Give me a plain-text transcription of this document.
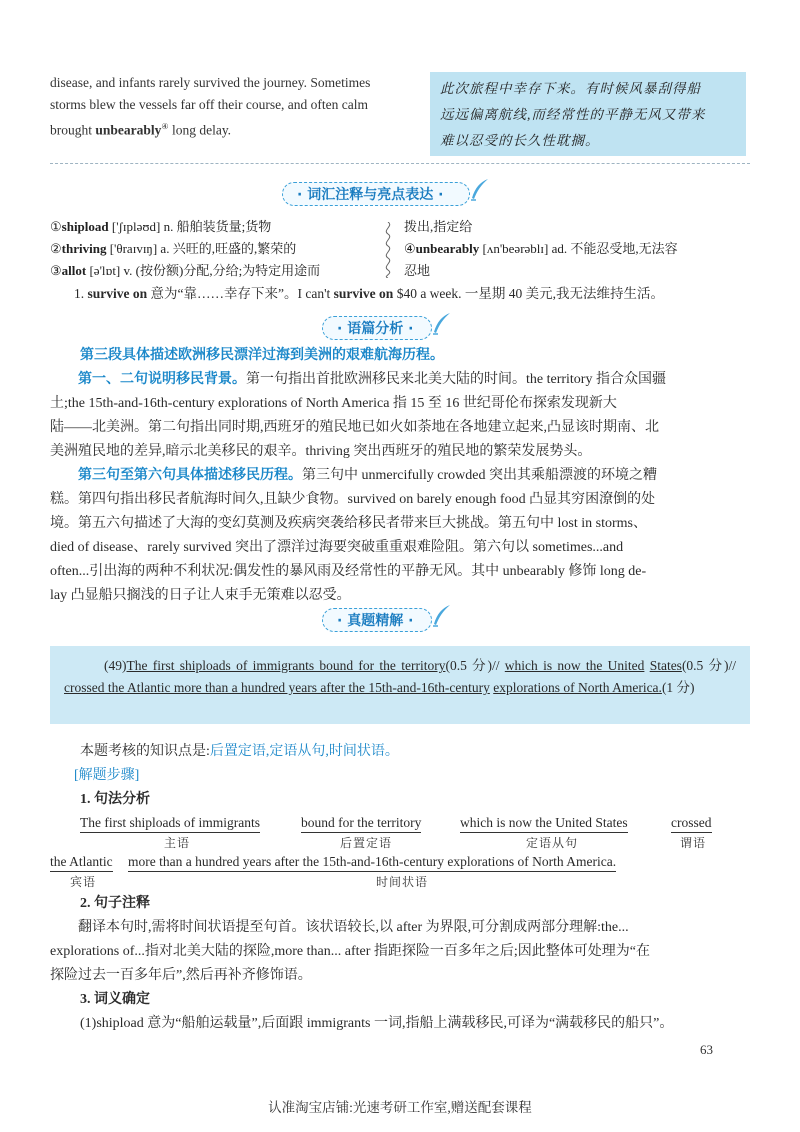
disease, and infants rarely survived the journey. Sometimes
storms blew the vessels far off their course, and often calm
brought unbearably④ long delay.
此次旅程中幸存下来。有时候风暴刮得船
远远偏离航线,而经常性的平静无风又带来
难以忍受的长久性耽搁。
· 词汇注释与亮点表达 ·
①shipload ['ʃɪpləʊd] n. 船舶装货量;货物
②thriving ['θraɪvɪŋ] a. 兴旺的,旺盛的,繁荣的
③allot [ə'lɒt] v. (按份额)分配,分给;为特定用途而
拨出,指定给
④unbearably [ʌn'beərəblɪ] ad. 不能忍受地,无法容
忍地
1. survive on 意为“靠……幸存下来”。I can't survive on $40 a week. 一星期 40 美元,我无法维持生活。
· 语篇分析 ·
第三段具体描述欧洲移民漂洋过海到美洲的艰难航海历程。
第一、二句说明移民背景。第一句指出首批欧洲移民来北美大陆的时间。the territory 指合众国疆
土;the 15th-and-16th-century explorations of North America 指 15 至 16 世纪哥伦布探索发现新大
陆——北美洲。第二句指出同时期,西班牙的殖民地已如火如荼地在各地建立起来,凸显该时期南、北
美洲殖民地的差异,暗示北美移民的艰辛。thriving 突出西班牙的殖民地的繁荣发展势头。
第三句至第六句具体描述移民历程。第三句中 unmercifully crowded 突出其乘船漂渡的环境之糟
糕。第四句指出移民者航海时间久,且缺少食物。survived on barely enough food 凸显其穷困潦倒的处
境。第五六句描述了大海的变幻莫测及疾病突袭给移民者带来巨大挑战。第五句中 lost in storms、
died of disease、rarely survived 突出了漂洋过海要突破重重艰难险阻。第六句以 sometimes...and
often...引出海的两种不利状况:偶发性的暴风雨及经常性的平静无风。其中 unbearably 修饰 long de-
lay 凸显船只搁浅的日子让人束手无策难以忍受。
· 真题精解 ·
(49)The first shiploads of immigrants bound for the territory(0.5 分)// which is now the United States(0.5 分)// crossed the Atlantic more than a hundred years after the 15th-and-16th-century explorations of North America.(1 分)
本题考核的知识点是:后置定语,定语从句,时间状语。
[解题步骤]
1. 句法分析
The first shiploads of immigrants
主语
bound for the territory
后置定语
which is now the United States
定语从句
crossed
谓语
the Atlantic
宾语
more than a hundred years after the 15th-and-16th-century explorations of North America.
时间状语
2. 句子注释
翻译本句时,需将时间状语提至句首。该状语较长,以 after 为界限,可分割成两部分理解:the...
explorations of...指对北美大陆的探险,more than... after 指距探险一百多年之后;因此整体可处理为“在
探险过去一百多年后”,然后再补齐修饰语。
3. 词义确定
(1)shipload 意为“船舶运载量”,后面跟 immigrants 一词,指船上满载移民,可译为“满载移民的船只”。
63
认准淘宝店铺:光速考研工作室,赠送配套课程
